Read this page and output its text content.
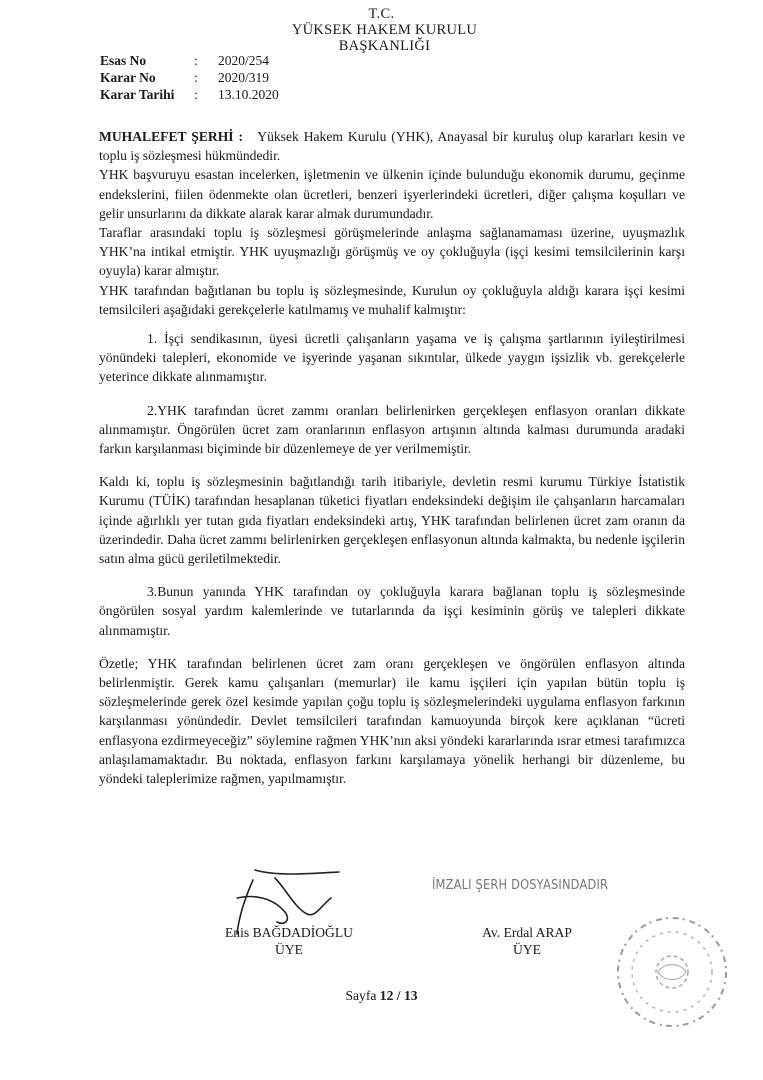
T.C.
YÜKSEK HAKEM KURULU
BAŞKANLIĞI
Esas No	:	2020/254
Karar No	:	2020/319
Karar Tarihi	:	13.10.2020

MUHALEFET ŞERHİ : Yüksek Hakem Kurulu (YHK), Anayasal bir kuruluş olup kararları kesin ve toplu iş sözleşmesi hükmündedir.

YHK başvuruyu esastan incelerken, işletmenin ve ülkenin içinde bulunduğu ekonomik durumu, geçinme endekslerini, fiilen ödenmekte olan ücretleri, benzeri işyerlerindeki ücretleri, diğer çalışma koşulları ve gelir unsurlarını da dikkate alarak karar almak durumundadır.

Taraflar arasındaki toplu iş sözleşmesi görüşmelerinde anlaşma sağlanamaması üzerine, uyuşmazlık YHK’na intikal etmiştir. YHK uyuşmazlığı görüşmüş ve oy çokluğuyla (işçi kesimi temsilcilerinin karşı oyuyla) karar almıştır.

YHK tarafından bağıtlanan bu toplu iş sözleşmesinde, Kurulun oy çokluğuyla aldığı karara işçi kesimi temsilcileri aşağıdaki gerekçelerle katılmamış ve muhalif kalmıştır:

1. İşçi sendikasının, üyesi ücretli çalışanların yaşama ve iş çalışma şartlarının iyileştirilmesi yönündeki talepleri, ekonomide ve işyerinde yaşanan sıkıntılar, ülkede yaygın işsizlik vb. gerekçelerle yeterince dikkate alınmamıştır.

2.YHK tarafından ücret zammı oranları belirlenirken gerçekleşen enflasyon oranları dikkate alınmamıştır. Öngörülen ücret zam oranlarının enflasyon artışının altında kalması durumunda aradaki farkın karşılanması biçiminde bir düzenlemeye de yer verilmemiştir.

Kaldı ki, toplu iş sözleşmesinin bağıtlandığı tarih itibariyle, devletin resmi kurumu Türkiye İstatistik Kurumu (TÜİK) tarafından hesaplanan tüketici fiyatları endeksindeki değişim ile çalışanların harcamaları içinde ağırlıklı yer tutan gıda fiyatları endeksindeki artış, YHK tarafından belirlenen ücret zam oranın da üzerindedir. Daha ücret zammı belirlenirken gerçekleşen enflasyonun altında kalmakta, bu nedenle işçilerin satın alma gücü geriletilmektedir.

3.Bunun yanında YHK tarafından oy çokluğuyla karara bağlanan toplu iş sözleşmesinde öngörülen sosyal yardım kalemlerinde ve tutarlarında da işçi kesiminin görüş ve talepleri dikkate alınmamıştır.

Özetle; YHK tarafından belirlenen ücret zam oranı gerçekleşen ve öngörülen enflasyon altında belirlenmiştir. Gerek kamu çalışanları (memurlar) ile kamu işçileri için yapılan bütün toplu iş sözleşmelerinde gerek özel kesimde yapılan çoğu toplu iş sözleşmelerindeki uygulama enflasyon farkının karşılanması yönündedir. Devlet temsilcileri tarafından kamuoyunda birçok kere açıklanan “ücreti enflasyona ezdirmeyeceğiz” söylemine rağmen YHK’nın aksi yöndeki kararlarında ısrar etmesi tarafımızca anlaşılamamaktadır. Bu noktada, enflasyon farkını karşılamaya yönelik herhangi bir düzenleme, bu yöndeki taleplerimize rağmen, yapılmamıştır.

Enis BAĞDADİOĞLU
ÜYE
İMZALI ŞERH DOSYASINDADIR
Av. Erdal ARAP
ÜYE
Sayfa 12 / 13
